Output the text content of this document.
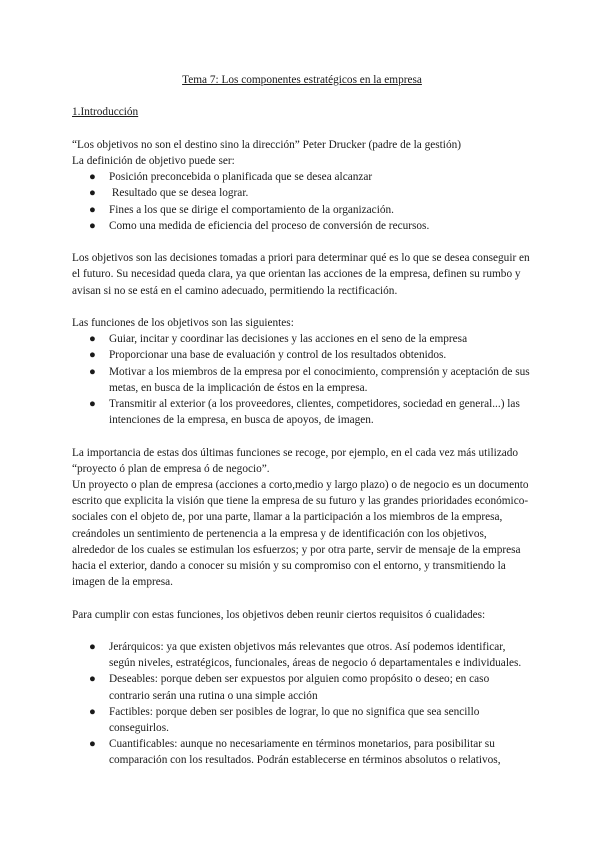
Tema 7: Los componentes estratégicos en la empresa
1.Introducción

“Los objetivos no son el destino sino la dirección” Peter Drucker (padre de la gestión)

La definición de objetivo puede ser:

● Posición preconcebida o planificada que se desea alcanzar
● Resultado que se desea lograr.
● Fines a los que se dirige el comportamiento de la organización.
● Como una medida de eficiencia del proceso de conversión de recursos.

Los objetivos son las decisiones tomadas a priori para determinar qué es lo que se desea conseguir en el futuro. Su necesidad queda clara, ya que orientan las acciones de la empresa, definen su rumbo y avisan si no se está en el camino adecuado, permitiendo la rectificación.

Las funciones de los objetivos son las siguientes:

● Guiar, incitar y coordinar las decisiones y las acciones en el seno de la empresa
● Proporcionar una base de evaluación y control de los resultados obtenidos.
● Motivar a los miembros de la empresa por el conocimiento, comprensión y aceptación de sus metas, en busca de la implicación de éstos en la empresa.
● Transmitir al exterior (a los proveedores, clientes, competidores, sociedad en general...) las intenciones de la empresa, en busca de apoyos, de imagen.

La importancia de estas dos últimas funciones se recoge, por ejemplo, en el cada vez más utilizado “proyecto ó plan de empresa ó de negocio”.

Un proyecto o plan de empresa (acciones a corto,medio y largo plazo) o de negocio es un documento escrito que explicita la visión que tiene la empresa de su futuro y las grandes prioridades económico- sociales con el objeto de, por una parte, llamar a la participación a los miembros de la empresa, creándoles un sentimiento de pertenencia a la empresa y de identificación con los objetivos, alrededor de los cuales se estimulan los esfuerzos; y por otra parte, servir de mensaje de la empresa hacia el exterior, dando a conocer su misión y su compromiso con el entorno, y transmitiendo la imagen de la empresa.

Para cumplir con estas funciones, los objetivos deben reunir ciertos requisitos ó cualidades:

● Jerárquicos: ya que existen objetivos más relevantes que otros. Así podemos identificar, según niveles, estratégicos, funcionales, áreas de negocio ó departamentales e individuales.
● Deseables: porque deben ser expuestos por alguien como propósito o deseo; en caso contrario serán una rutina o una simple acción
● Factibles: porque deben ser posibles de lograr, lo que no significa que sea sencillo conseguirlos.
● Cuantificables: aunque no necesariamente en términos monetarios, para posibilitar su comparación con los resultados. Podrán establecerse en términos absolutos o relativos,
